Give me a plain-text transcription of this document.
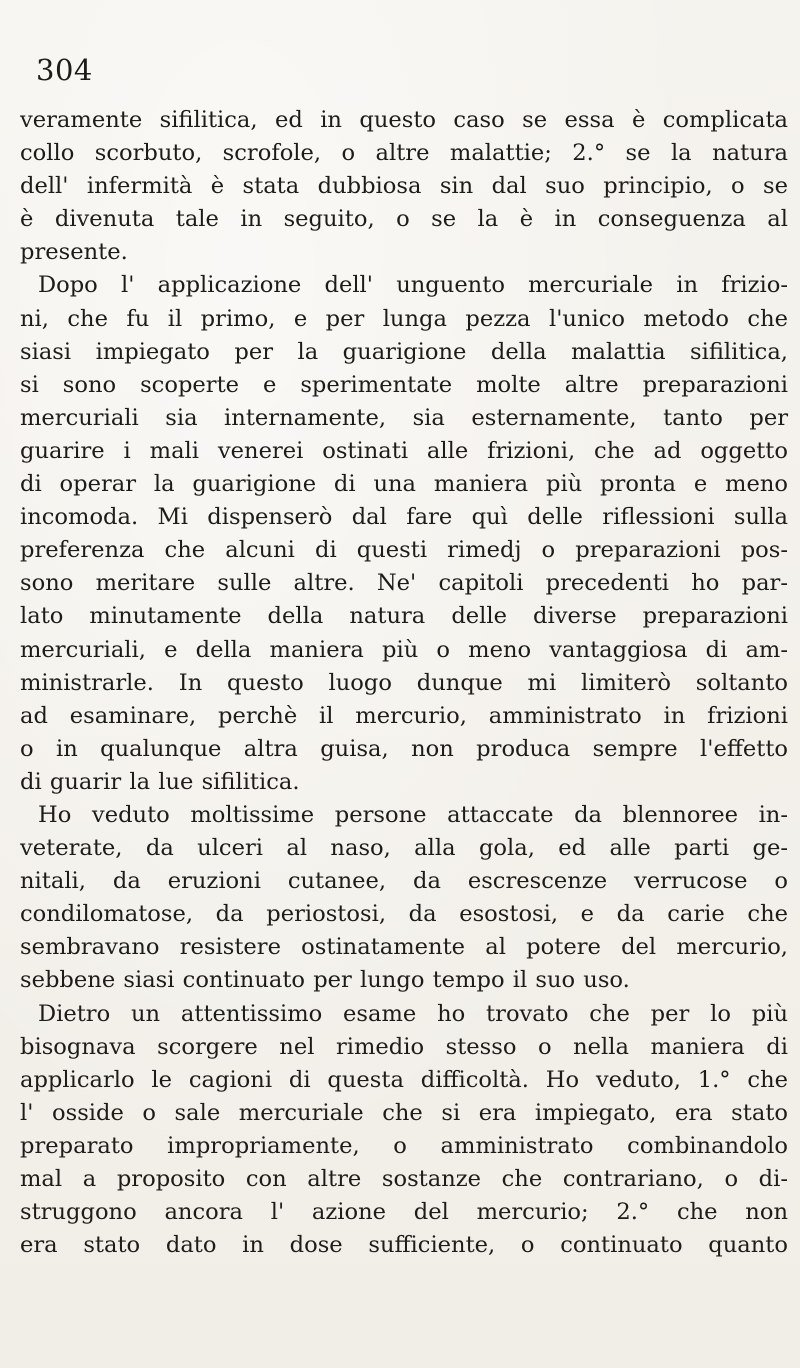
304
veramente sifilitica, ed in questo caso se essa è complicata
collo scorbuto, scrofole, o altre malattie; 2.° se la natura
dell' infermità è stata dubbiosa sin dal suo principio, o se
è divenuta tale in seguito, o se la è in conseguenza al
presente.
Dopo l' applicazione dell' unguento mercuriale in frizio-
ni, che fu il primo, e per lunga pezza l'unico metodo che
siasi impiegato per la guarigione della malattia sifilitica,
si sono scoperte e sperimentate molte altre preparazioni
mercuriali sia internamente, sia esternamente, tanto per
guarire i mali venerei ostinati alle frizioni, che ad oggetto
di operar la guarigione di una maniera più pronta e meno
incomoda. Mi dispenserò dal fare quì delle riflessioni sulla
preferenza che alcuni di questi rimedj o preparazioni pos-
sono meritare sulle altre. Ne' capitoli precedenti ho par-
lato minutamente della natura delle diverse preparazioni
mercuriali, e della maniera più o meno vantaggiosa di am-
ministrarle. In questo luogo dunque mi limiterò soltanto
ad esaminare, perchè il mercurio, amministrato in frizioni
o in qualunque altra guisa, non produca sempre l'effetto
di guarir la lue sifilitica.
Ho veduto moltissime persone attaccate da blennoree in-
veterate, da ulceri al naso, alla gola, ed alle parti ge-
nitali, da eruzioni cutanee, da escrescenze verrucose o
condilomatose, da periostosi, da esostosi, e da carie che
sembravano resistere ostinatamente al potere del mercurio,
sebbene siasi continuato per lungo tempo il suo uso.
Dietro un attentissimo esame ho trovato che per lo più
bisognava scorgere nel rimedio stesso o nella maniera di
applicarlo le cagioni di questa difficoltà. Ho veduto, 1.° che
l' osside o sale mercuriale che si era impiegato, era stato
preparato impropriamente, o amministrato combinandolo
mal a proposito con altre sostanze che contrariano, o di-
struggono ancora l' azione del mercurio; 2.° che non
era stato dato in dose sufficiente, o continuato quanto
